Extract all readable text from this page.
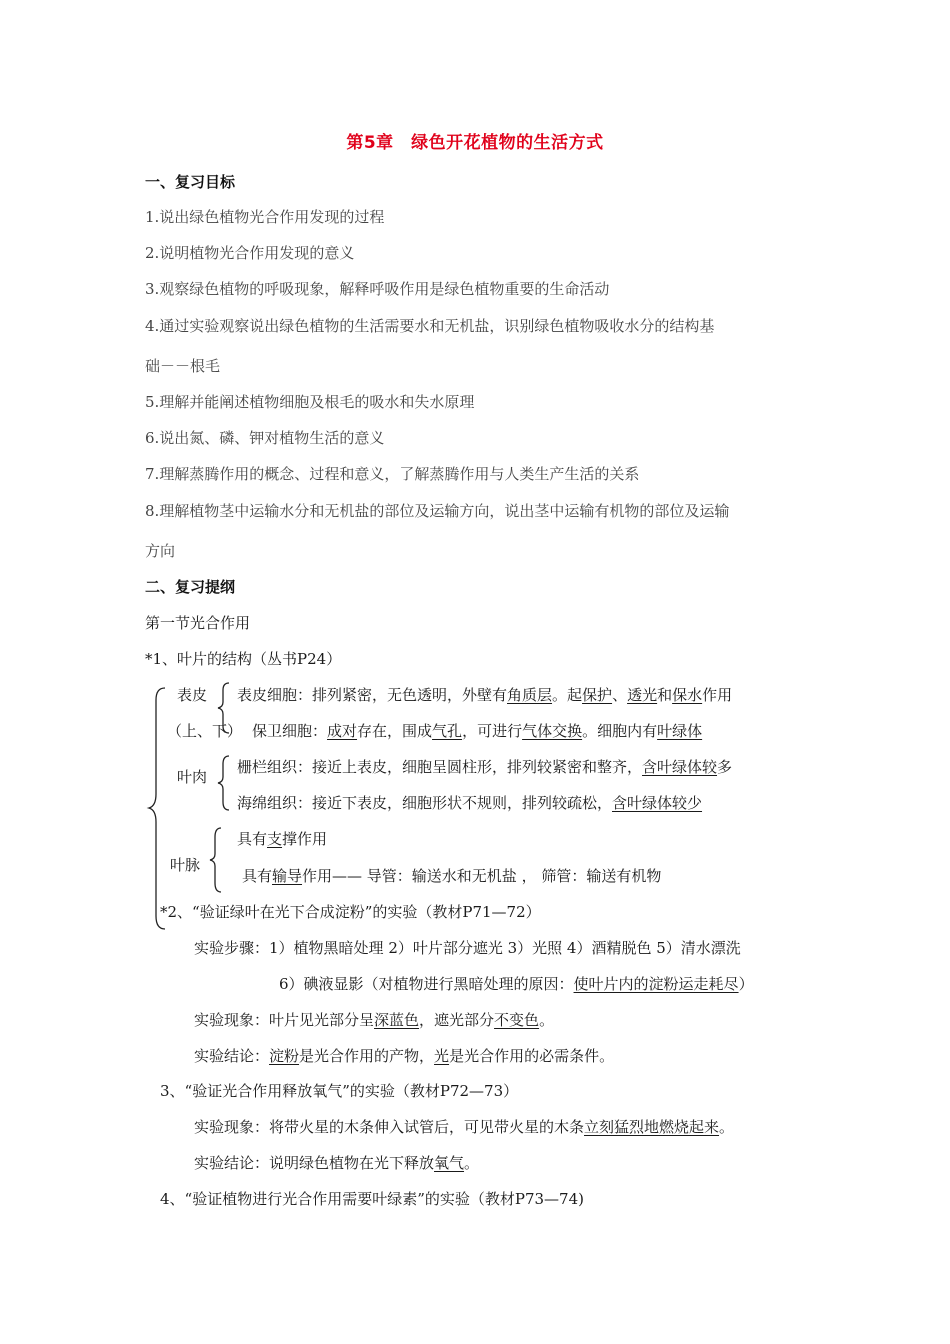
第5章　绿色开花植物的生活方式
一、复习目标
1.说出绿色植物光合作用发现的过程
2.说明植物光合作用发现的意义
3.观察绿色植物的呼吸现象，解释呼吸作用是绿色植物重要的生命活动
4.通过实验观察说出绿色植物的生活需要水和无机盐，识别绿色植物吸收水分的结构基
础－－根毛
5.理解并能阐述植物细胞及根毛的吸水和失水原理
6.说出氮、磷、钾对植物生活的意义
7.理解蒸腾作用的概念、过程和意义，了解蒸腾作用与人类生产生活的关系
8.理解植物茎中运输水分和无机盐的部位及运输方向，说出茎中运输有机物的部位及运输
方向
二、复习提纲
第一节光合作用
*1、叶片的结构（丛书P24）
表皮
（上、下）
表皮细胞：排列紧密，无色透明，外壁有角质层。起保护、透光和保水作用
保卫细胞：成对存在，围成气孔，可进行气体交换。细胞内有叶绿体
叶肉
栅栏组织：接近上表皮，细胞呈圆柱形，排列较紧密和整齐，含叶绿体较多
海绵组织：接近下表皮，细胞形状不规则，排列较疏松，含叶绿体较少
叶脉
具有支撑作用
具有输导作用—— 导管：输送水和无机盐 ， 筛管：输送有机物
*2、“验证绿叶在光下合成淀粉”的实验（教材P71—72）
实验步骤：1）植物黑暗处理 2）叶片部分遮光 3）光照 4）酒精脱色 5）清水漂洗
6）碘液显影（对植物进行黑暗处理的原因：使叶片内的淀粉运走耗尽）
实验现象：叶片见光部分呈深蓝色，遮光部分不变色。
实验结论：淀粉是光合作用的产物，光是光合作用的必需条件。
3、“验证光合作用释放氧气”的实验（教材P72—73）
实验现象：将带火星的木条伸入试管后，可见带火星的木条立刻猛烈地燃烧起来。
实验结论：说明绿色植物在光下释放氧气。
4、“验证植物进行光合作用需要叶绿素”的实验（教材P73—74)
